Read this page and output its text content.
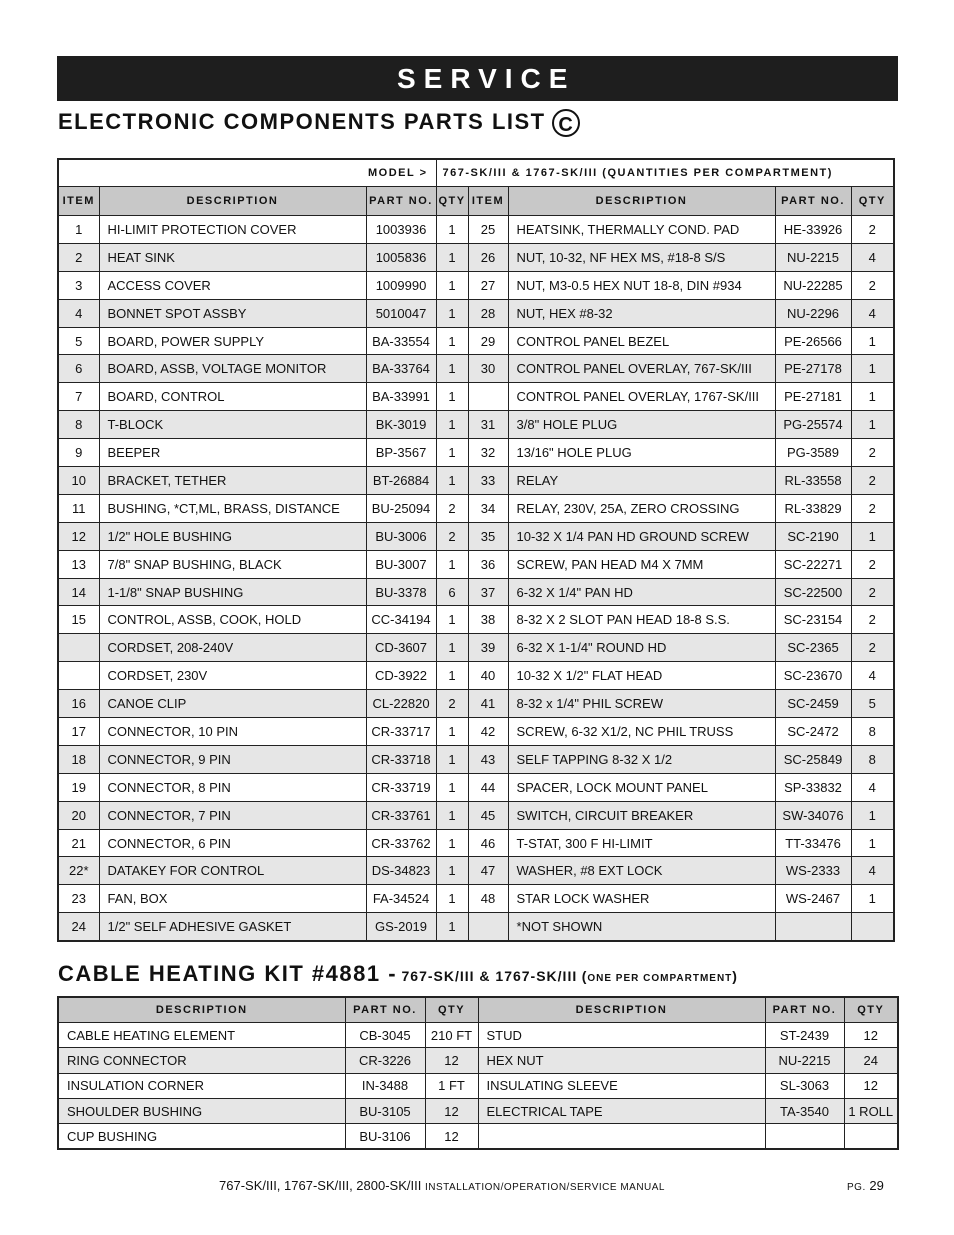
SERVICE
ELECTRONIC COMPONENTS PARTS LIST C
MODEL >			767-SK/III & 1767-SK/III (QUANTITIES PER COMPARTMENT)				
ITEM	DESCRIPTION	PART NO.	QTY	ITEM	DESCRIPTION	PART NO.	QTY
1	HI-LIMIT PROTECTION COVER	1003936	1	25	HEATSINK, THERMALLY COND. PAD	HE-33926	2
2	HEAT SINK	1005836	1	26	NUT, 10-32, NF HEX MS, #18-8 S/S	NU-2215	4
3	ACCESS COVER	1009990	1	27	NUT, M3-0.5 HEX NUT 18-8, DIN #934	NU-22285	2
4	BONNET SPOT ASSBY	5010047	1	28	NUT, HEX #8-32	NU-2296	4
5	BOARD, POWER SUPPLY	BA-33554	1	29	CONTROL PANEL BEZEL	PE-26566	1
6	BOARD, ASSB, VOLTAGE MONITOR	BA-33764	1	30	CONTROL PANEL OVERLAY, 767-SK/III	PE-27178	1
7	BOARD, CONTROL	BA-33991	1		CONTROL PANEL OVERLAY, 1767-SK/III	PE-27181	1
8	T-BLOCK	BK-3019	1	31	3/8" HOLE PLUG	PG-25574	1
9	BEEPER	BP-3567	1	32	13/16" HOLE PLUG	PG-3589	2
10	BRACKET, TETHER	BT-26884	1	33	RELAY	RL-33558	2
11	BUSHING, *CT,ML, BRASS, DISTANCE	BU-25094	2	34	RELAY, 230V, 25A, ZERO CROSSING	RL-33829	2
12	1/2" HOLE BUSHING	BU-3006	2	35	10-32 X 1/4 PAN HD GROUND SCREW	SC-2190	1
13	7/8" SNAP BUSHING, BLACK	BU-3007	1	36	SCREW, PAN HEAD M4 X 7MM	SC-22271	2
14	1-1/8" SNAP BUSHING	BU-3378	6	37	6-32 X 1/4" PAN HD	SC-22500	2
15	CONTROL, ASSB, COOK, HOLD	CC-34194	1	38	8-32 X 2 SLOT PAN HEAD 18-8 S.S.	SC-23154	2
	CORDSET, 208-240V	CD-3607	1	39	6-32 X 1-1/4" ROUND HD	SC-2365	2
	CORDSET, 230V	CD-3922	1	40	10-32 X 1/2" FLAT HEAD	SC-23670	4
16	CANOE CLIP	CL-22820	2	41	8-32 x 1/4" PHIL SCREW	SC-2459	5
17	CONNECTOR, 10 PIN	CR-33717	1	42	SCREW, 6-32 X1/2, NC PHIL TRUSS	SC-2472	8
18	CONNECTOR, 9 PIN	CR-33718	1	43	SELF TAPPING 8-32 X 1/2	SC-25849	8
19	CONNECTOR, 8 PIN	CR-33719	1	44	SPACER, LOCK MOUNT PANEL	SP-33832	4
20	CONNECTOR, 7 PIN	CR-33761	1	45	SWITCH, CIRCUIT BREAKER	SW-34076	1
21	CONNECTOR, 6 PIN	CR-33762	1	46	T-STAT, 300 F HI-LIMIT	TT-33476	1
22*	DATAKEY FOR CONTROL	DS-34823	1	47	WASHER, #8 EXT LOCK	WS-2333	4
23	FAN, BOX	FA-34524	1	48	STAR LOCK WASHER	WS-2467	1
24	1/2" SELF ADHESIVE GASKET	GS-2019	1		*NOT SHOWN		
CABLE HEATING KIT #4881 - 767-SK/III & 1767-SK/III (ONE PER COMPARTMENT)
DESCRIPTION	PART NO.	QTY	DESCRIPTION	PART NO.	QTY
CABLE HEATING ELEMENT	CB-3045	210 FT	STUD	ST-2439	12
RING CONNECTOR	CR-3226	12	HEX NUT	NU-2215	24
INSULATION CORNER	IN-3488	1 FT	INSULATING SLEEVE	SL-3063	12
SHOULDER BUSHING	BU-3105	12	ELECTRICAL TAPE	TA-3540	1 ROLL
CUP BUSHING	BU-3106	12			
767-SK/III, 1767-SK/III, 2800-SK/III INSTALLATION/OPERATION/SERVICE MANUAL	PG. 29
